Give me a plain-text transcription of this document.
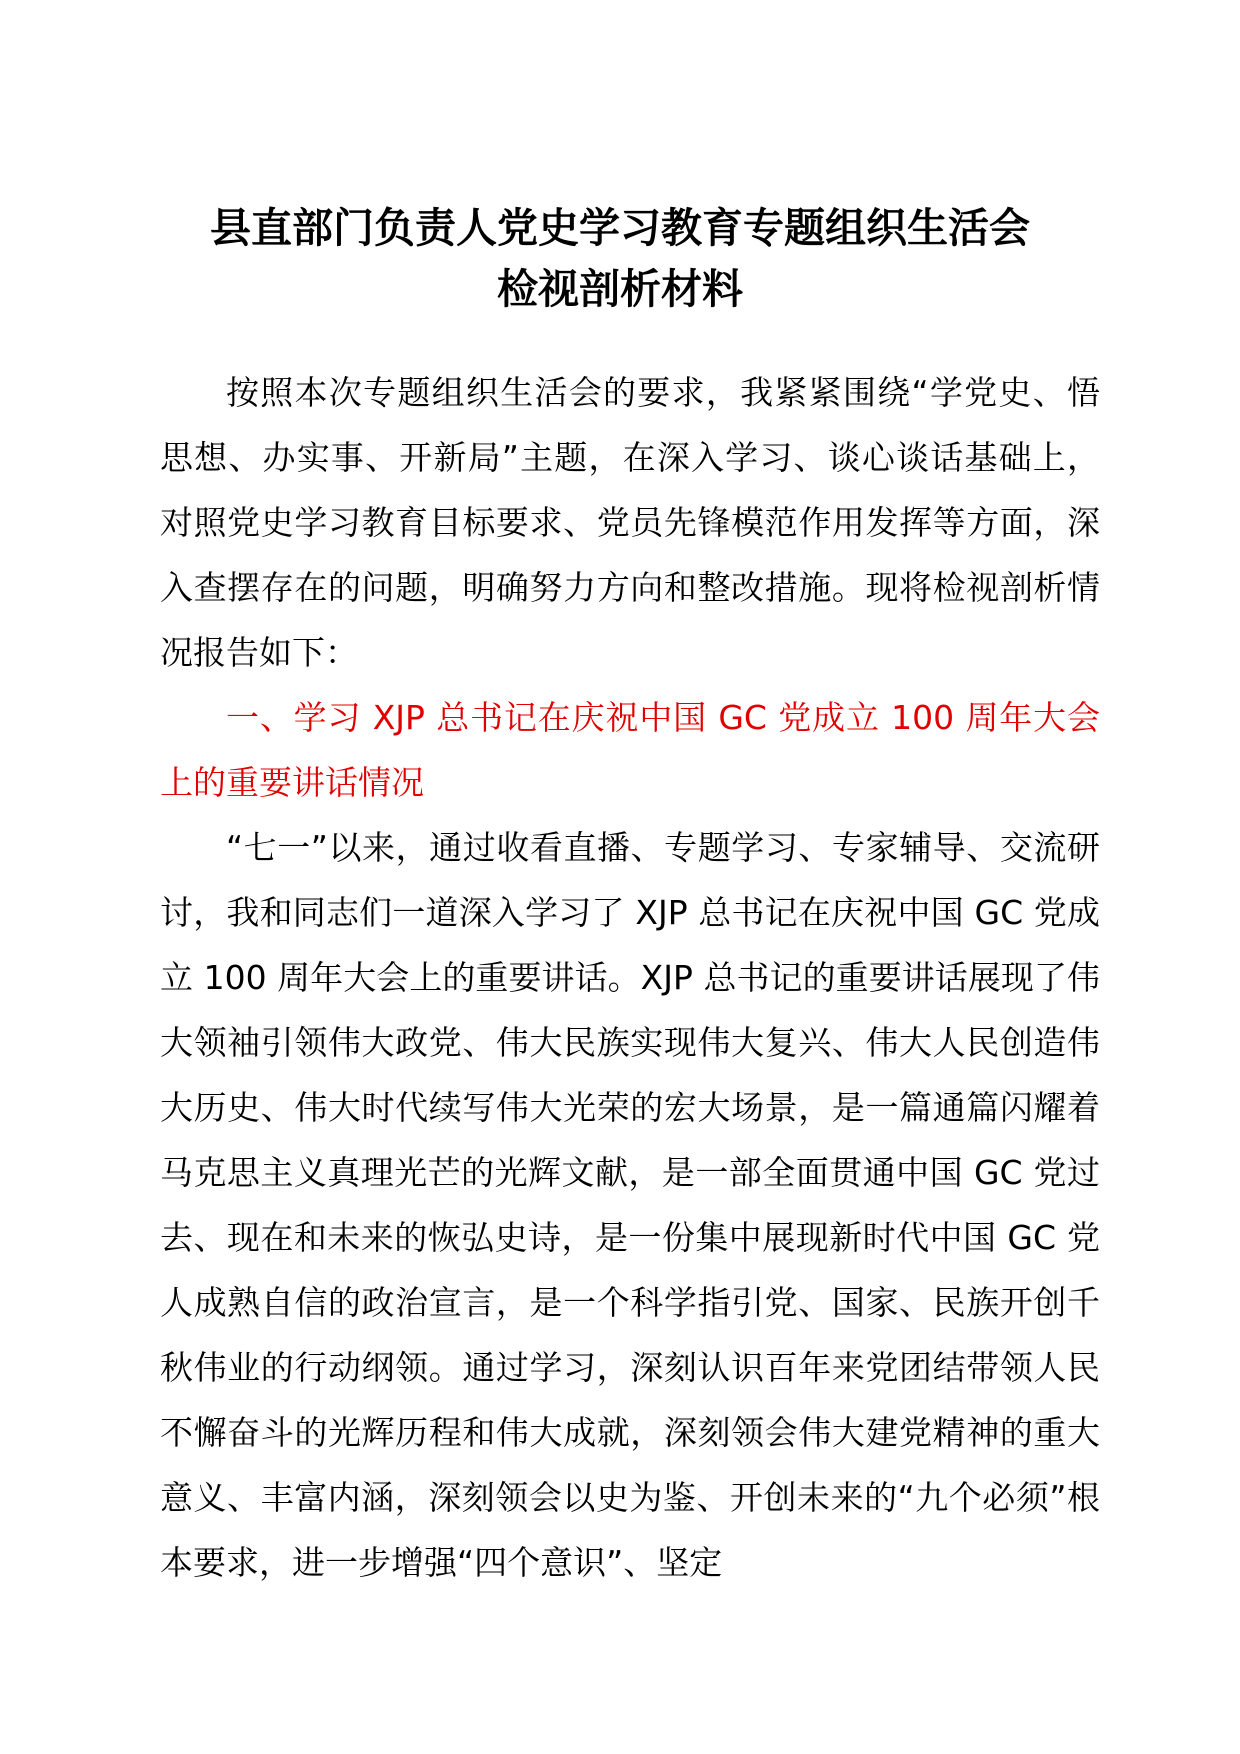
县直部门负责人党史学习教育专题组织生活会
检视剖析材料

按照本次专题组织生活会的要求，我紧紧围绕“学党史、悟思想、办实事、开新局”主题，在深入学习、谈心谈话基础上，对照党史学习教育目标要求、党员先锋模范作用发挥等方面，深入查摆存在的问题，明确努力方向和整改措施。现将检视剖析情况报告如下：

一、学习 XJP 总书记在庆祝中国 GC 党成立 100 周年大会上的重要讲话情况

“七一”以来，通过收看直播、专题学习、专家辅导、交流研讨，我和同志们一道深入学习了 XJP 总书记在庆祝中国 GC 党成立 100 周年大会上的重要讲话。XJP 总书记的重要讲话展现了伟大领袖引领伟大政党、伟大民族实现伟大复兴、伟大人民创造伟大历史、伟大时代续写伟大光荣的宏大场景，是一篇通篇闪耀着马克思主义真理光芒的光辉文献，是一部全面贯通中国 GC 党过去、现在和未来的恢弘史诗，是一份集中展现新时代中国 GC 党人成熟自信的政治宣言，是一个科学指引党、国家、民族开创千秋伟业的行动纲领。通过学习，深刻认识百年来党团结带领人民不懈奋斗的光辉历程和伟大成就，深刻领会伟大建党精神的重大意义、丰富内涵，深刻领会以史为鉴、开创未来的“九个必须”根本要求，进一步增强“四个意识”、坚定
